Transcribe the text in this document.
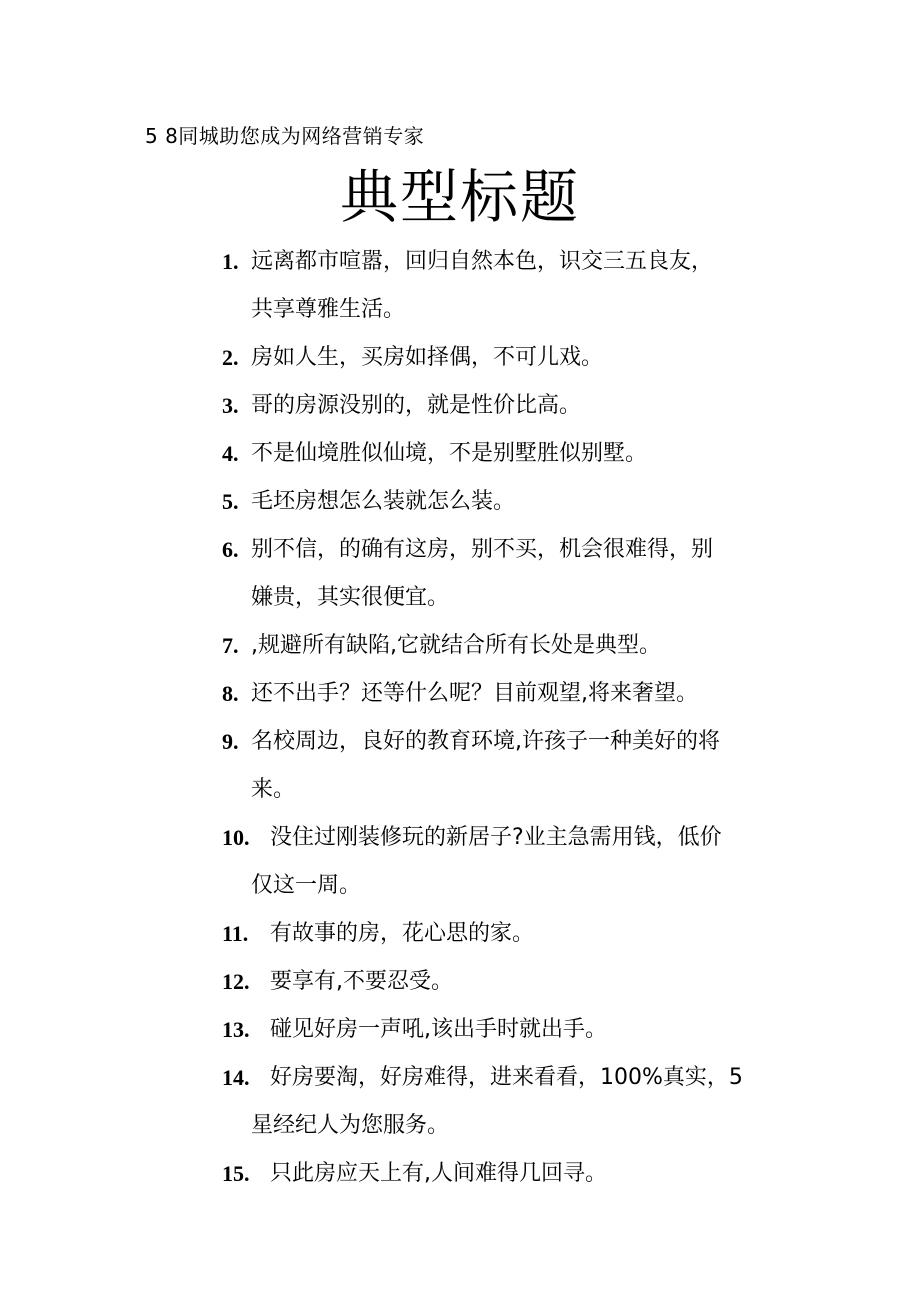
5 8同城助您成为网络营销专家
典型标题
1. 远离都市喧嚣，回归自然本色，识交三五良友，
共享尊雅生活。
2. 房如人生，买房如择偶，不可儿戏。
3. 哥的房源没别的，就是性价比高。
4. 不是仙境胜似仙境，不是别墅胜似别墅。
5. 毛坯房想怎么装就怎么装。
6. 别不信，的确有这房，别不买，机会很难得，别
嫌贵，其实很便宜。
7. ,规避所有缺陷,它就结合所有长处是典型。
8. 还不出手？还等什么呢？目前观望,将来奢望。
9. 名校周边，良好的教育环境,许孩子一种美好的将
来。
10. 没住过刚装修玩的新居子?业主急需用钱，低价
仅这一周。
11. 有故事的房，花心思的家。
12. 要享有,不要忍受。
13. 碰见好房一声吼,该出手时就出手。
14. 好房要淘，好房难得，进来看看，100%真实，5
星经纪人为您服务。
15. 只此房应天上有,人间难得几回寻。
